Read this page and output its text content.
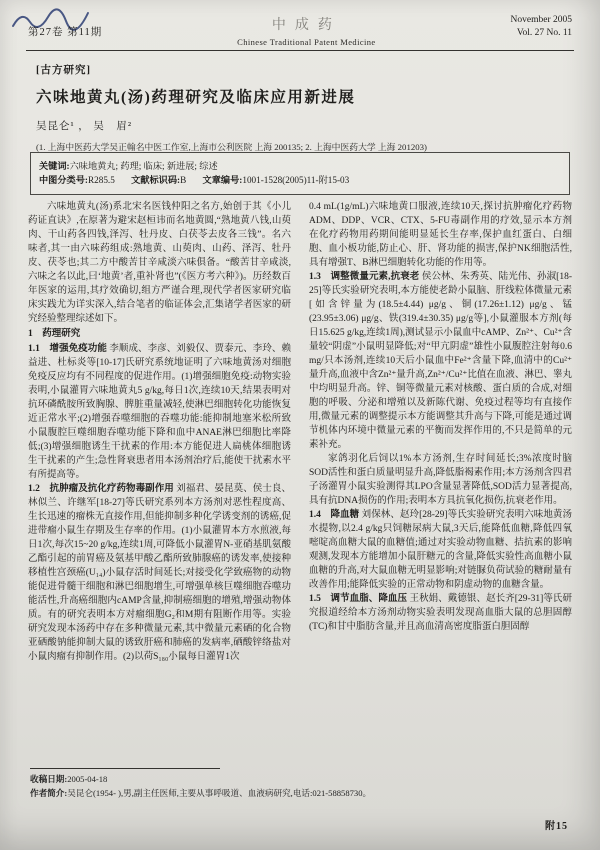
第27卷 第11期	中成药
Chinese Traditional Patent Medicine
November 2005
Vol. 27 No. 11
[古方研究]
六味地黄丸(汤)药理研究及临床应用新进展
吴昆仑¹ ， 吴　眉²
(1. 上海中医药大学吴正翰名中医工作室,上海市公利医院 上海 200135; 2. 上海中医药大学 上海 201203)
关键词:六味地黄丸; 药理; 临床; 新进展; 综述
中图分类号:R285.5 文献标识码:B 文章编号:1001-1528(2005)11-附15-03

六味地黄丸(汤)系北宋名医钱仲阳之名方,始创于其《小儿药证直诀》,在原著为避宋赵桓讳而名地黄圆,“熟地黄八钱,山萸肉、干山药各四钱,泽泻、牡丹皮、白茯苓去皮各三钱”。名六味者,其一由六味药组成:熟地黄、山萸肉、山药、泽泻、牡丹皮、茯苓也;其二方中酸苦甘辛咸淡六味俱备。“酸苦甘辛咸淡,六味之名以此,曰‘地黄’者,重补肾也”(《医方考六种》)。历经数百年医家的运用,其疗效确切,组方严谨合理,现代学者医家研究临床实践尤为详实深入,结合笔者的临证体会,汇集诸学者医家的研究经验整理综述如下。

1　药理研究

1.1　增强免疫功能 李顺成、李彦、刘毅仅、贾泰元、李玲、赖益进、杜标炎等[10-17]氏研究系统地证明了六味地黄汤对细胞免疫反应均有不同程度的促进作用。(1)增强细胞免疫:动物实验表明,小鼠灌胃六味地黄丸5 g/kg,每日1次,连续10天,结果表明对抗环磷酰胺所致胸腺、脾脏重量减轻,使淋巴细胞转化功能恢复近正常水平;(2)增强吞噬细胞的吞噬功能:能抑制地塞米松所致小鼠腹腔巨噬细胞吞噬功能下降和血中ANAE淋巴细胞比率降低;(3)增强细胞诱生干扰素的作用:本方能促进人扁桃体细胞诱生干扰素的产生;急性肾衰患者用本汤剂治疗后,能使干扰素水平有所提高等。

1.2　抗肿瘤及抗化疗药物毒副作用 刘福君、晏昆莫、侯士良、林似兰、许继军[18-27]等氏研究系列本方汤剂对恶性程度高、生长迅速的瘤株无直接作用,但能抑制多种化学诱变剂的诱癌,促进带瘤小鼠生存期及生存率的作用。(1)小鼠灌胃本方水煎液,每日1次,每次15~20 g/kg,连续1周,可降低小鼠灌胃N-亚硝基肌氨酸乙酯引起的前胃癌及氨基甲酸乙酯所致肺腺癌的诱发率,使接种移植性宫颈癌(U₁₄)小鼠存活时间延长;对接受化学致癌物的动物能促进骨髓干细胞和淋巴细胞增生,可增强单核巨噬细胞吞噬功能活性,升高癌细胞内cAMP含量,抑制癌细胞的增殖,增强动物体质。有的研究表明本方对瘤细胞G₂和M期有阻断作用等。实验研究发现本汤药中存在多种微量元素,其中微量元素硒的化合物亚硒酸钠能抑制大鼠的诱致肝癌和肺癌的发病率,硒酸锌络盐对小鼠肉瘤有抑制作用。(2)以荷S₁₈₀小鼠每日灌胃1次

0.4 mL(1g/mL)六味地黄口服液,连续10天,探讨抗肿瘤化疗药物ADM、DDP、VCR、CTX、5-FU毒副作用的疗效,显示本方剂在化疗药物用药期间能明显延长生存率,保护血红蛋白、白细胞、血小板功能,防止心、肝、肾功能的损害,保护NK细胞活性,具有增强T、B淋巴细胞转化功能的作用等。

1.3　调整微量元素,抗衰老 侯公林、朱秀英、陆光伟、孙淑[18-25]等氏实验研究表明,本方能使老龄小鼠脑、肝线粒体微量元素[如含锌量为(18.5±4.44) μg/g、铜(17.26±1.12) μg/g、锰(23.95±3.06) μg/g、铁(319.4±30.35) μg/g等],小鼠灌服本方剂(每日15.625 g/kg,连续1周),测试显示小鼠血中cAMP、Zn²⁺、Cu²⁺含量较“阴虚”小鼠明显降低;对“甲亢阴虚”雄性小鼠腹腔注射每0.6 mg/只本汤剂,连续10天后小鼠血中Fe²⁺含量下降,血清中的Cu²⁺量升高,血液中含Zn²⁺量升高,Zn²⁺/Cu²⁺比值在血液、淋巴、睾丸中均明显升高。锌、铜等微量元素对核酸、蛋白质的合成,对细胞的呼吸、分泌和增殖以及新陈代谢、免疫过程等均有直接作用,微量元素的调整提示本方能调整其升高与下降,可能是通过调节机体内环境中微量元素的平衡而发挥作用的,不只是简单的元素补充。

家鸽羽化后饲以1%本方汤剂,生存时间延长;3%浓度时脑SOD活性和蛋白质量明显升高,降低脂褐素作用;本方汤剂含四君子汤灌胃小鼠实验测得其LPO含量显著降低,SOD活力显著提高,具有抗DNA损伤的作用;表明本方具抗氧化损伤,抗衰老作用。

1.4　降血糖 刘保林、赵玲[28-29]等氏实验研究表明六味地黄汤水提物,以2.4 g/kg只饲糖尿病大鼠,3天后,能降低血糖,降低四氧嘧啶高血糖大鼠的血糖值;通过对实验动物血糖、拮抗素的影响观测,发现本方能增加小鼠肝糖元的含量,降低实验性高血糖小鼠血糖的升高,对大鼠血糖无明显影响;对链脲负荷试验的糖耐量有改善作用;能降低实验的正常动物和阴虚动物的血糖含量。

1.5　调节血脂、降血压 王秋娟、戴德银、赵长齐[29-31]等氏研究报道经给本方汤剂动物实验表明发现高血脂大鼠的总胆固醇(TC)和甘中脂肪含量,并且高血清高密度脂蛋白胆固醇

收稿日期:2005-04-18
作者简介:吴昆仑(1954- ),男,副主任医师,主要从事呼吸道、血液病研究,电话:021-58858730。
附15
